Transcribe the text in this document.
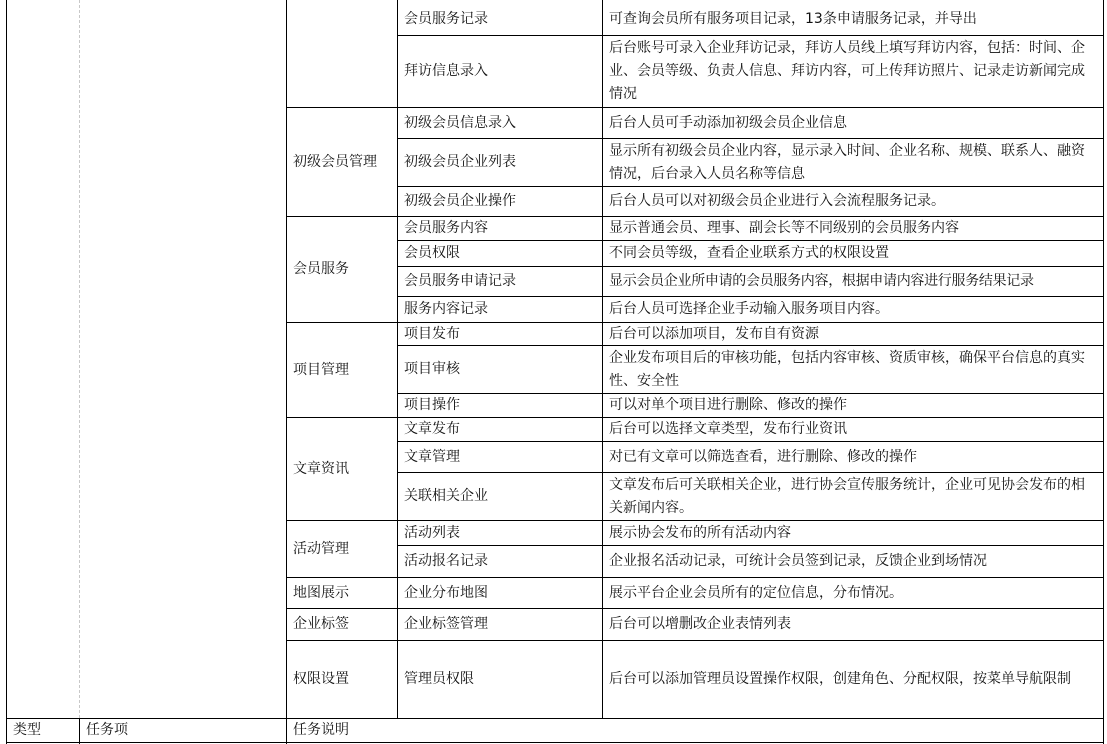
初级会员管理
会员服务
项目管理
文章资讯
活动管理
地图展示
企业标签
权限设置
会员服务记录
拜访信息录入
初级会员信息录入
初级会员企业列表
初级会员企业操作
会员服务内容
会员权限
会员服务申请记录
服务内容记录
项目发布
项目审核
项目操作
文章发布
文章管理
关联相关企业
活动列表
活动报名记录
企业分布地图
企业标签管理
管理员权限
可查询会员所有服务项目记录，13条申请服务记录，并导出
后台账号可录入企业拜访记录，拜访人员线上填写拜访内容，包括：时间、企业、会员等级、负责人信息、拜访内容，可上传拜访照片、记录走访新闻完成情况
后台人员可手动添加初级会员企业信息
显示所有初级会员企业内容，显示录入时间、企业名称、规模、联系人、融资情况，后台录入人员名称等信息
后台人员可以对初级会员企业进行入会流程服务记录。
显示普通会员、理事、副会长等不同级别的会员服务内容
不同会员等级，查看企业联系方式的权限设置
显示会员企业所申请的会员服务内容，根据申请内容进行服务结果记录
后台人员可选择企业手动输入服务项目内容。
后台可以添加项目，发布自有资源
企业发布项目后的审核功能，包括内容审核、资质审核，确保平台信息的真实性、安全性
可以对单个项目进行删除、修改的操作
后台可以选择文章类型，发布行业资讯
对已有文章可以筛选查看，进行删除、修改的操作
文章发布后可关联相关企业，进行协会宣传服务统计，企业可见协会发布的相关新闻内容。
展示协会发布的所有活动内容
企业报名活动记录，可统计会员签到记录，反馈企业到场情况
展示平台企业会员所有的定位信息，分布情况。
后台可以增删改企业表情列表
后台可以添加管理员设置操作权限，创建角色、分配权限，按菜单导航限制
类型	任务项	任务说明
